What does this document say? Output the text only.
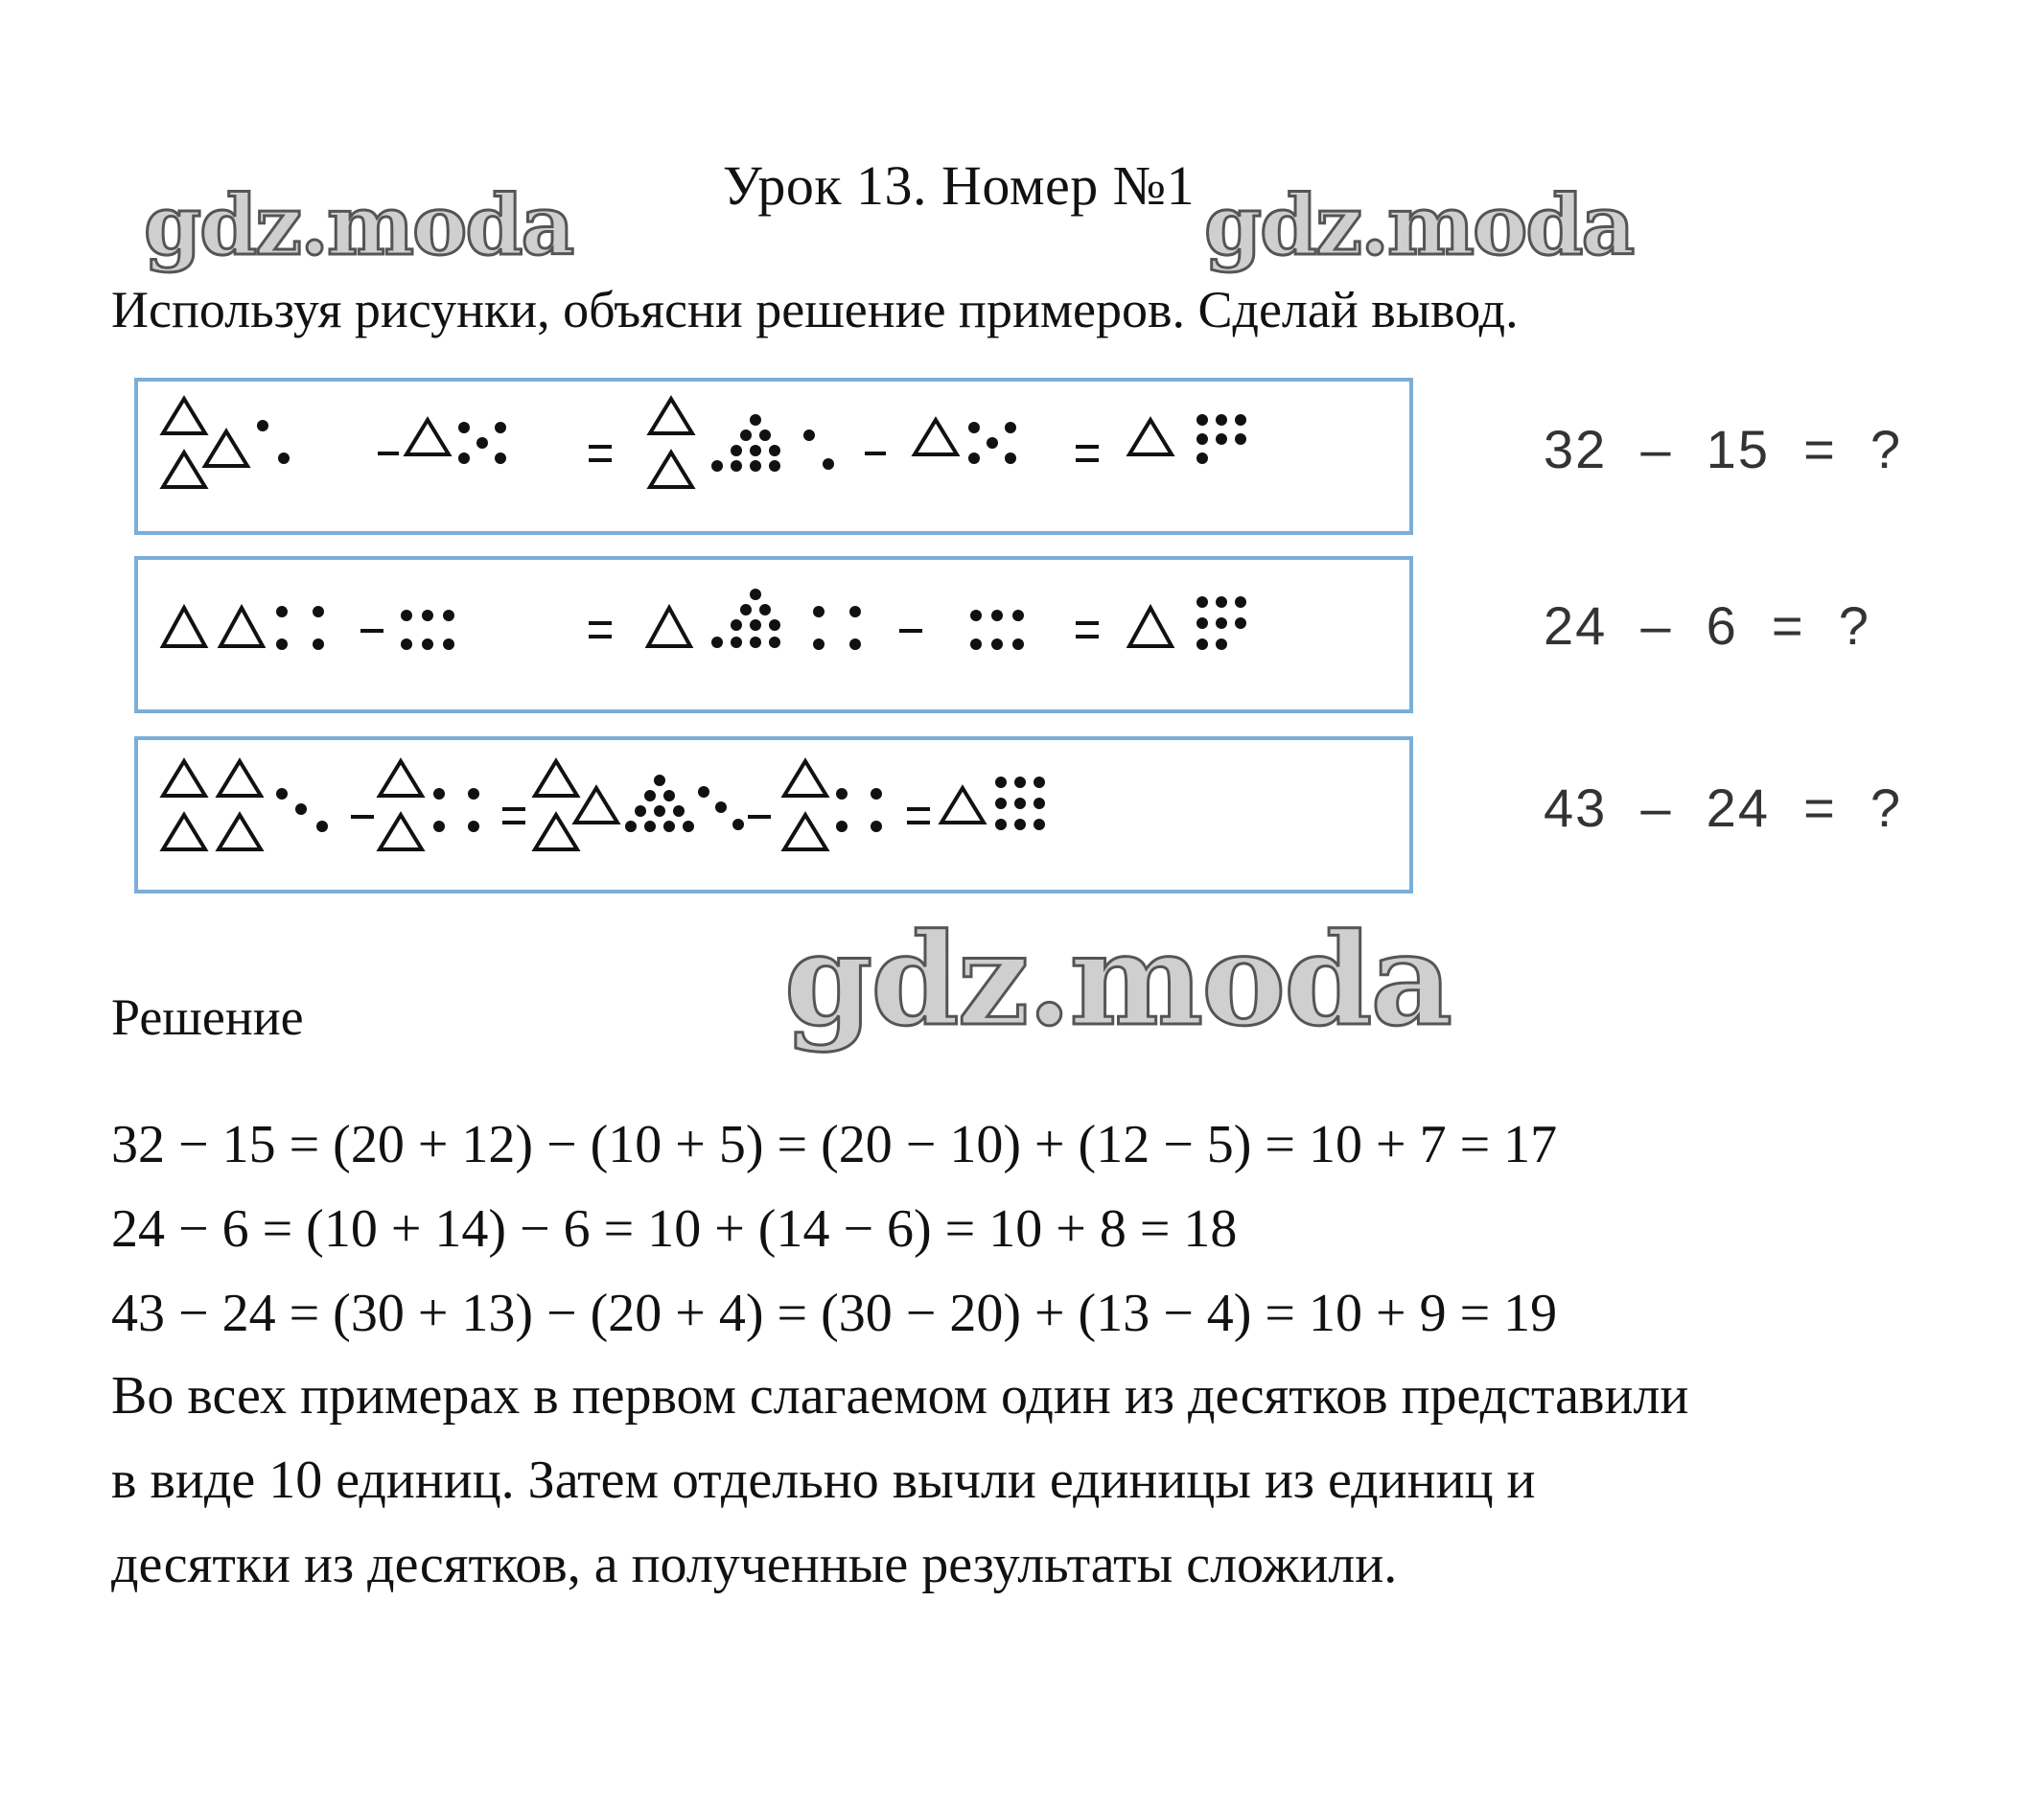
Урок 13. Номер №1
gdz.moda	gdz.moda
Используя рисунки, объясни решение примеров. Сделай вывод.
32  –  15  =  ?
24  –  6  =  ?
43  –  24  =  ?
gdz.moda
Решение
32 − 15 = (20 + 12) − (10 + 5) = (20 − 10) + (12 − 5) = 10 + 7 = 17
24 − 6 = (10 + 14) − 6 = 10 + (14 − 6) = 10 + 8 = 18
43 − 24 = (30 + 13) − (20 + 4) = (30 − 20) + (13 − 4) = 10 + 9 = 19
Во всех примерах в первом слагаемом один из десятков представили
в виде 10 единиц. Затем отдельно вычли единицы из единиц и
десятки из десятков, а полученные результаты сложили.
